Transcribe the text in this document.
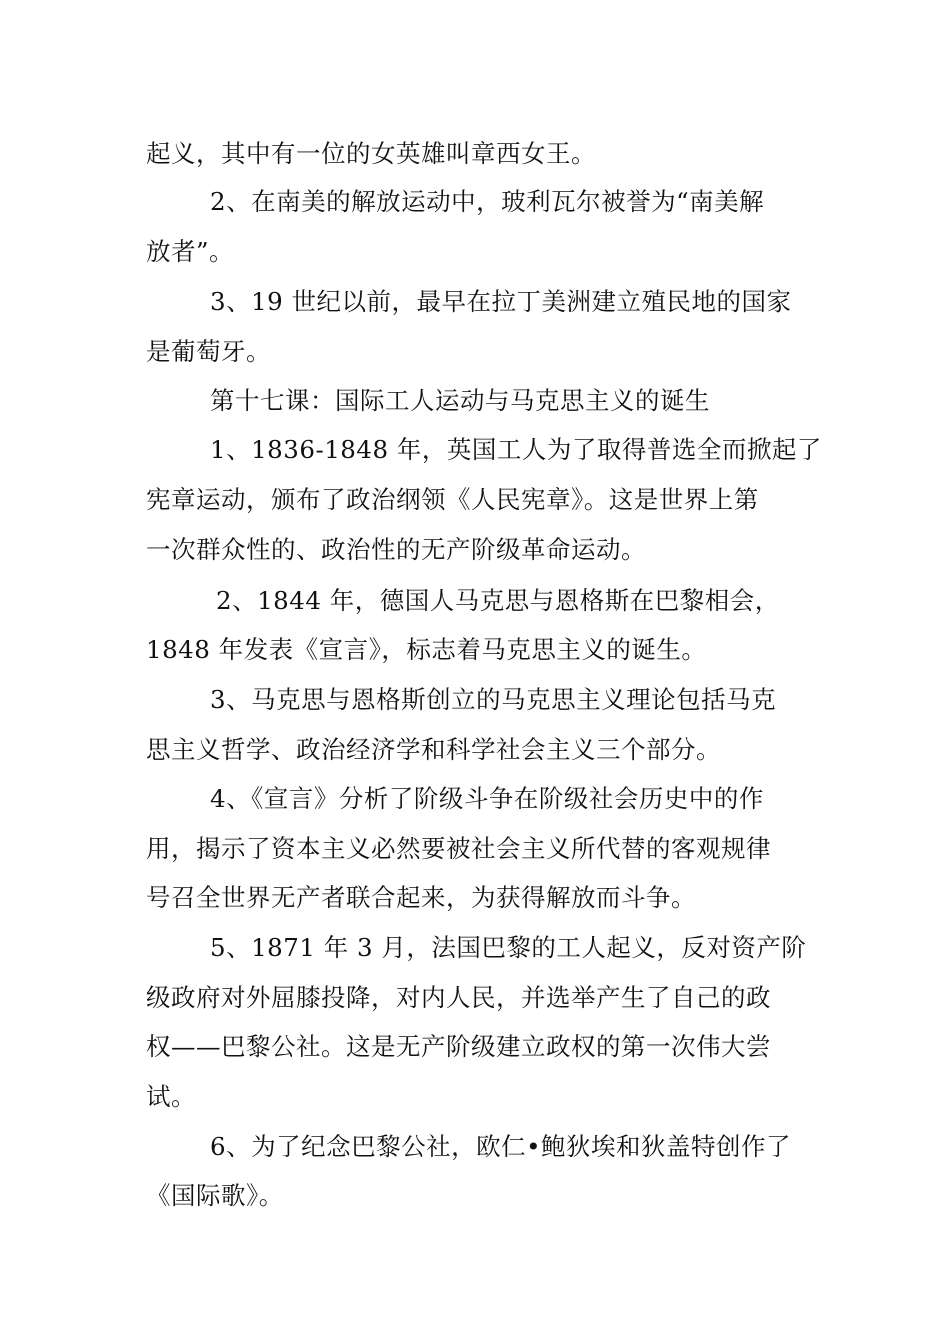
起义，其中有一位的女英雄叫章西女王。
2、在南美的解放运动中，玻利瓦尔被誉为“南美解
放者”。
3、19 世纪以前，最早在拉丁美洲建立殖民地的国家
是葡萄牙。
第十七课：国际工人运动与马克思主义的诞生
1、1836-1848 年，英国工人为了取得普选全而掀起了
宪章运动，颁布了政治纲领《人民宪章》。这是世界上第
一次群众性的、政治性的无产阶级革命运动。
2、1844 年，德国人马克思与恩格斯在巴黎相会，
1848 年发表《宣言》，标志着马克思主义的诞生。
3、马克思与恩格斯创立的马克思主义理论包括马克
思主义哲学、政治经济学和科学社会主义三个部分。
4、《宣言》分析了阶级斗争在阶级社会历史中的作
用，揭示了资本主义必然要被社会主义所代替的客观规律
号召全世界无产者联合起来，为获得解放而斗争。
5、1871 年 3 月，法国巴黎的工人起义，反对资产阶
级政府对外屈膝投降，对内人民，并选举产生了自己的政
权——巴黎公社。这是无产阶级建立政权的第一次伟大尝
试。
6、为了纪念巴黎公社，欧仁•鲍狄埃和狄盖特创作了
《国际歌》。
